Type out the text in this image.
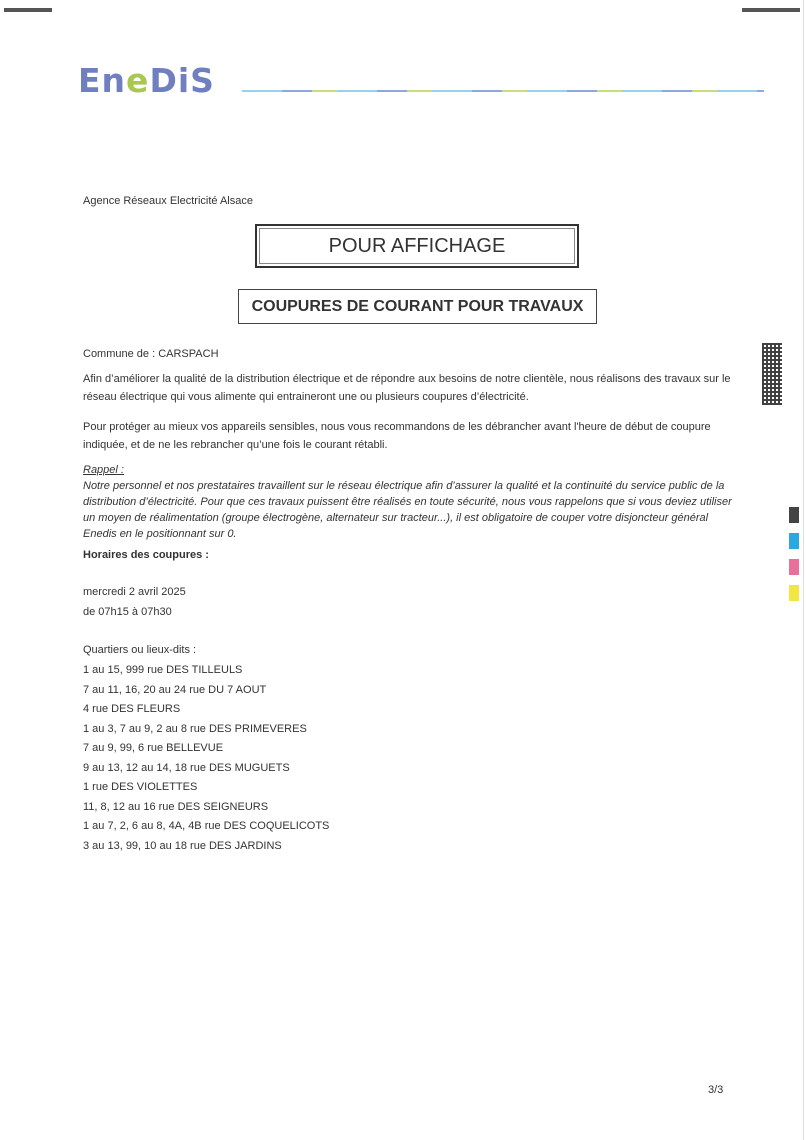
EneDiS
Agence Réseaux Electricité Alsace
POUR AFFICHAGE
COUPURES DE COURANT POUR TRAVAUX
Commune de : CARSPACH
Afin d’améliorer la qualité de la distribution électrique et de répondre aux besoins de notre clientèle, nous réalisons des travaux sur le réseau électrique qui vous alimente qui entraineront une ou plusieurs coupures d’électricité.
Pour protéger au mieux vos appareils sensibles, nous vous recommandons de les débrancher avant l'heure de début de coupure indiquée, et de ne les rebrancher qu’une fois le courant rétabli.
Rappel :
Notre personnel et nos prestataires travaillent sur le réseau électrique afin d’assurer la qualité et la continuité du service public de la distribution d’électricité. Pour que ces travaux puissent être réalisés en toute sécurité, nous vous rappelons que si vous deviez utiliser un moyen de réalimentation (groupe électrogène, alternateur sur tracteur...), il est obligatoire de couper votre disjoncteur général Enedis en le positionnant sur 0.
Horaires des coupures :
mercredi 2 avril 2025
de 07h15 à 07h30
Quartiers ou lieux-dits :
1 au 15, 999 rue DES TILLEULS
7 au 11, 16, 20 au 24 rue DU 7 AOUT
4 rue DES FLEURS
1 au 3, 7 au 9, 2 au 8 rue DES PRIMEVERES
7 au 9, 99, 6 rue BELLEVUE
9 au 13, 12 au 14, 18 rue DES MUGUETS
1 rue DES VIOLETTES
11, 8, 12 au 16 rue DES SEIGNEURS
1 au 7, 2, 6 au 8, 4A, 4B rue DES COQUELICOTS
3 au 13, 99, 10 au 18 rue DES JARDINS
3/3
